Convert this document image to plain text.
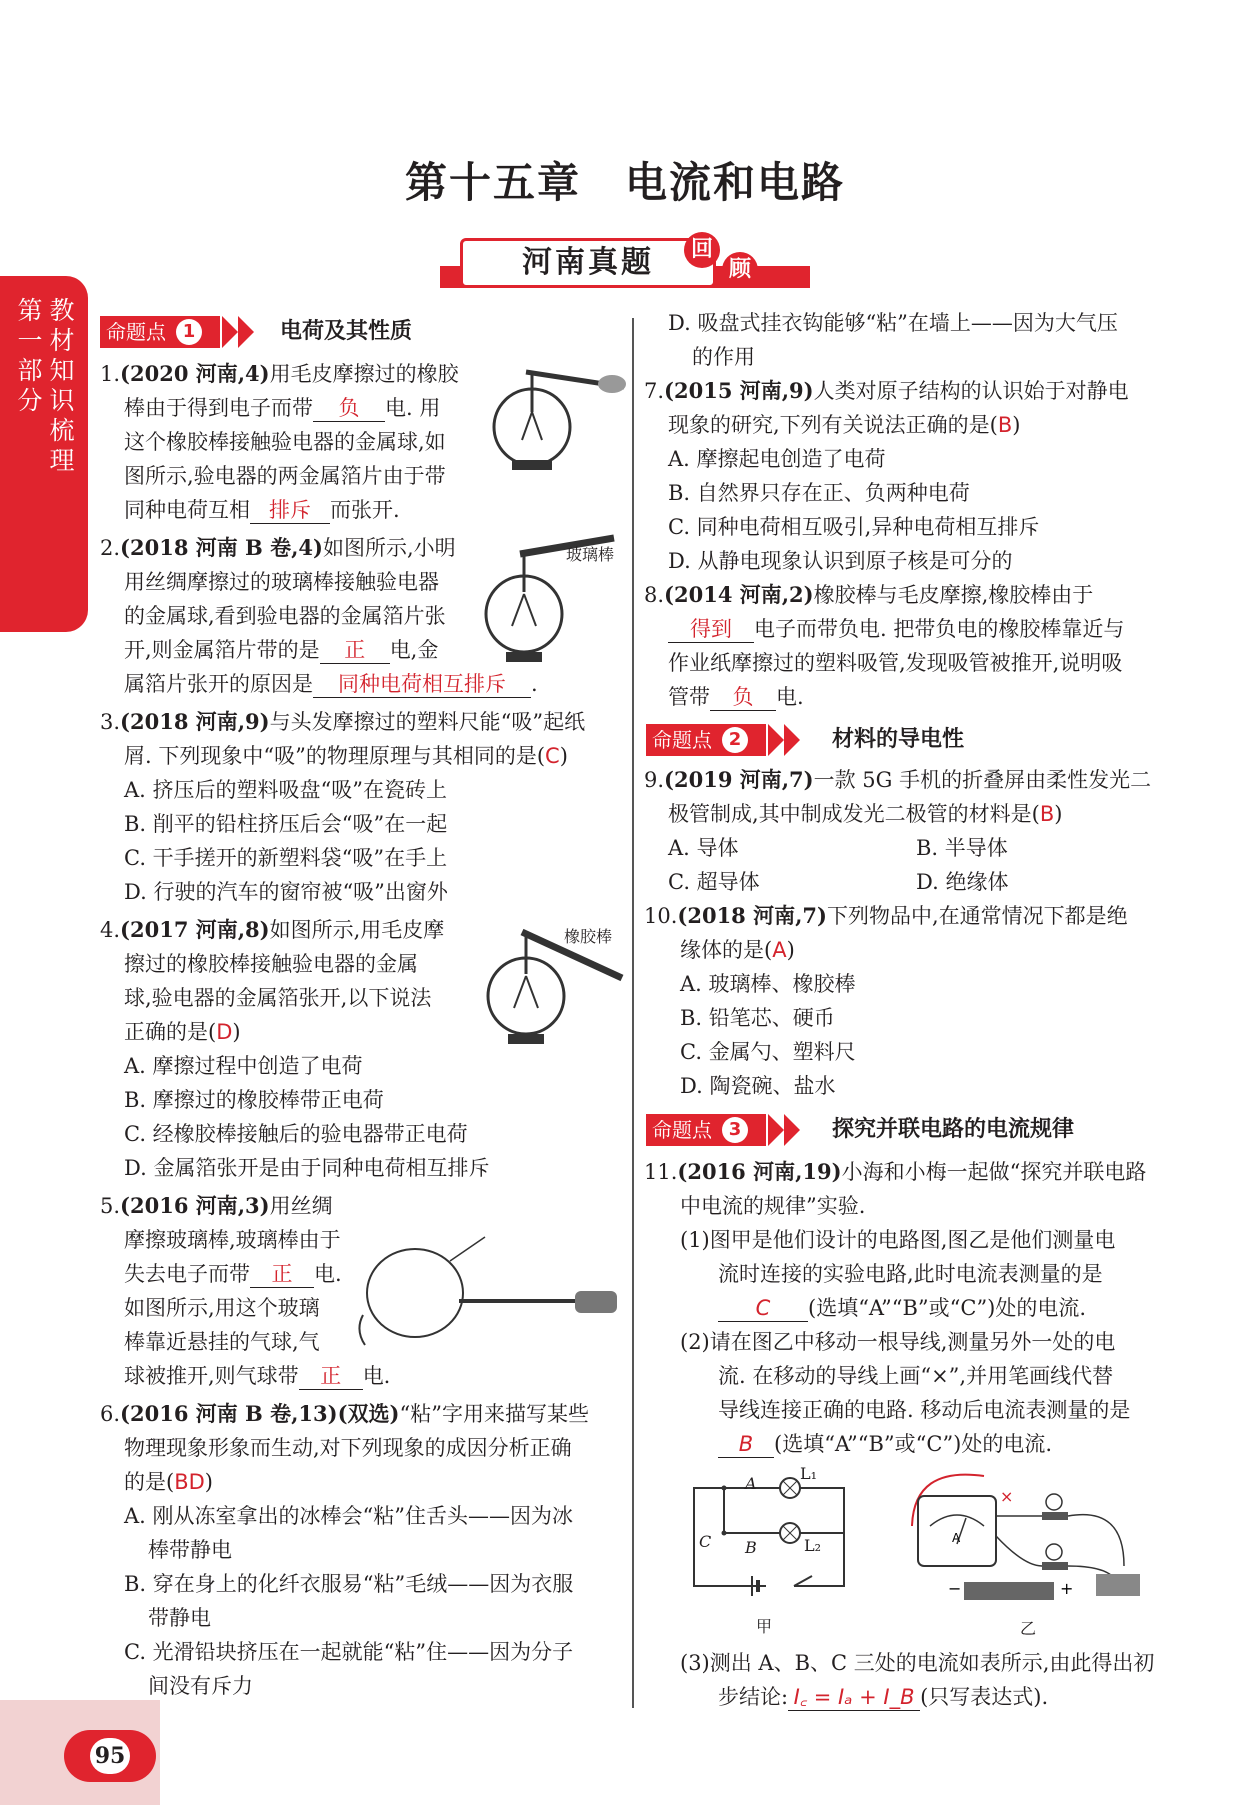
第十五章　电流和电路
河南真题	回
顾
第一部分
教材知识梳理
命题点 1	电荷及其性质
1.(2020 河南,4)用毛皮摩擦过的橡胶
棒由于得到电子而带 负 电. 用
这个橡胶棒接触验电器的金属球,如
图所示,验电器的两金属箔片由于带
同种电荷互相 排斥 而张开.
2.(2018 河南 B 卷,4)如图所示,小明
用丝绸摩擦过的玻璃棒接触验电器
的金属球,看到验电器的金属箔片张
开,则金属箔片带的是 正 电,金
属箔片张开的原因是 同种电荷相互排斥 .
玻璃棒
3.(2018 河南,9)与头发摩擦过的塑料尺能“吸”起纸
屑. 下列现象中“吸”的物理原理与其相同的是(C)
A. 挤压后的塑料吸盘“吸”在瓷砖上
B. 削平的铅柱挤压后会“吸”在一起
C. 干手搓开的新塑料袋“吸”在手上
D. 行驶的汽车的窗帘被“吸”出窗外
4.(2017 河南,8)如图所示,用毛皮摩
擦过的橡胶棒接触验电器的金属
球,验电器的金属箔张开,以下说法
正确的是(D)
A. 摩擦过程中创造了电荷
B. 摩擦过的橡胶棒带正电荷
C. 经橡胶棒接触后的验电器带正电荷
D. 金属箔张开是由于同种电荷相互排斥
橡胶棒
5.(2016 河南,3)用丝绸
摩擦玻璃棒,玻璃棒由于
失去电子而带 正 电.
如图所示,用这个玻璃
棒靠近悬挂的气球,气
球被推开,则气球带 正 电.
6.(2016 河南 B 卷,13)(双选)“粘”字用来描写某些
物理现象形象而生动,对下列现象的成因分析正确
的是(BD)
A. 刚从冻室拿出的冰棒会“粘”住舌头——因为冰
棒带静电
B. 穿在身上的化纤衣服易“粘”毛绒——因为衣服
带静电
C. 光滑铅块挤压在一起就能“粘”住——因为分子
间没有斥力
D. 吸盘式挂衣钩能够“粘”在墙上——因为大气压
的作用
7.(2015 河南,9)人类对原子结构的认识始于对静电
现象的研究,下列有关说法正确的是(B)
A. 摩擦起电创造了电荷
B. 自然界只存在正、负两种电荷
C. 同种电荷相互吸引,异种电荷相互排斥
D. 从静电现象认识到原子核是可分的
8.(2014 河南,2)橡胶棒与毛皮摩擦,橡胶棒由于
得到 电子而带负电. 把带负电的橡胶棒靠近与
作业纸摩擦过的塑料吸管,发现吸管被推开,说明吸
管带 负 电.
命题点 2	材料的导电性
9.(2019 河南,7)一款 5G 手机的折叠屏由柔性发光二
极管制成,其中制成发光二极管的材料是(B)
A. 导体	B. 半导体
C. 超导体	D. 绝缘体
10.(2018 河南,7)下列物品中,在通常情况下都是绝
缘体的是(A)
A. 玻璃棒、橡胶棒
B. 铅笔芯、硬币
C. 金属勺、塑料尺
D. 陶瓷碗、盐水
命题点 3	探究并联电路的电流规律
11.(2016 河南,19)小海和小梅一起做“探究并联电路
中电流的规律”实验.
(1)图甲是他们设计的电路图,图乙是他们测量电
流时连接的实验电路,此时电流表测量的是
C (选填“A”“B”或“C”)处的电流.
(2)请在图乙中移动一根导线,测量另外一处的电
流. 在移动的导线上画“×”,并用笔画线代替
导线连接正确的电路. 移动后电流表测量的是
B (选填“A”“B”或“C”)处的电流.
A
B
C
L₁
L₂
甲
×
A
−	+
乙
(3)测出 A、B、C 三处的电流如表所示,由此得出初
步结论: I꜀ = Iₐ + I_B (只写表达式).
95
